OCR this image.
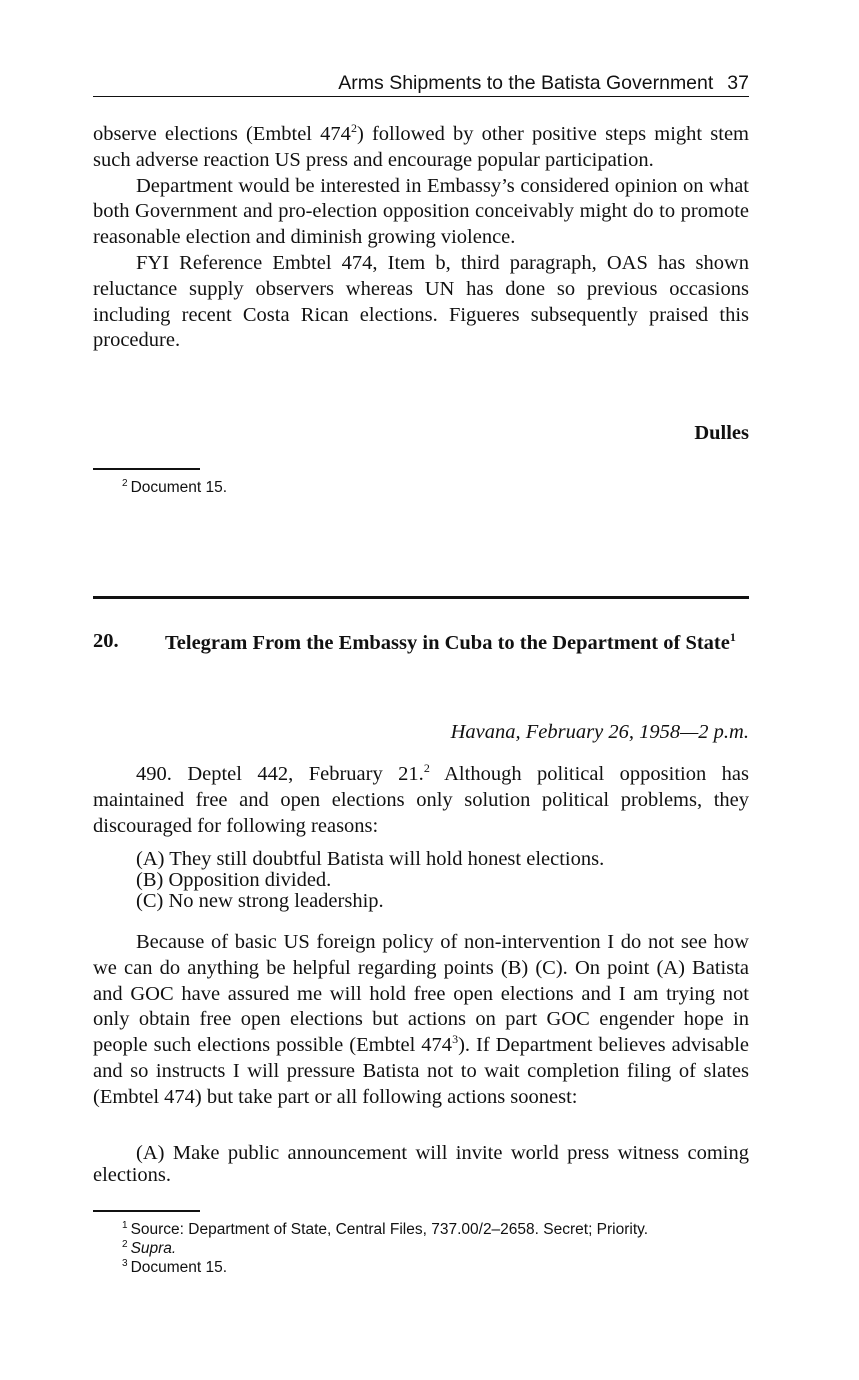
Arms Shipments to the Batista Government 37

observe elections (Embtel $474^2$) followed by other positive steps might stem such adverse reaction US press and encourage popular participation.

Department would be interested in Embassy’s considered opinion on what both Government and pro-election opposition conceivably might do to promote reasonable election and diminish growing violence.

FYI Reference Embtel 474, Item b, third paragraph, OAS has shown reluctance supply observers whereas UN has done so previous occasions including recent Costa Rican elections. Figueres subsequently praised this procedure.

Dulles
$^2$ Document 15.
20. Telegram From the Embassy in Cuba to the Department of State$^1$
Havana, February 26, 1958—2 p.m.

490. Deptel 442, February 21.$^2$ Although political opposition has maintained free and open elections only solution political problems, they discouraged for following reasons:

(A) They still doubtful Batista will hold honest elections.
(B) Opposition divided.
(C) No new strong leadership.

Because of basic US foreign policy of non-intervention I do not see how we can do anything be helpful regarding points (B) (C). On point (A) Batista and GOC have assured me will hold free open elections and I am trying not only obtain free open elections but actions on part GOC engender hope in people such elections possible (Embtel $474^3$). If Department believes advisable and so instructs I will pressure Batista not to wait completion filing of slates (Embtel 474) but take part or all following actions soonest:

(A) Make public announcement will invite world press witness coming elections.

$^1$ Source: Department of State, Central Files, 737.00/2–2658. Secret; Priority.
$^2$ Supra.
$^3$ Document 15.
